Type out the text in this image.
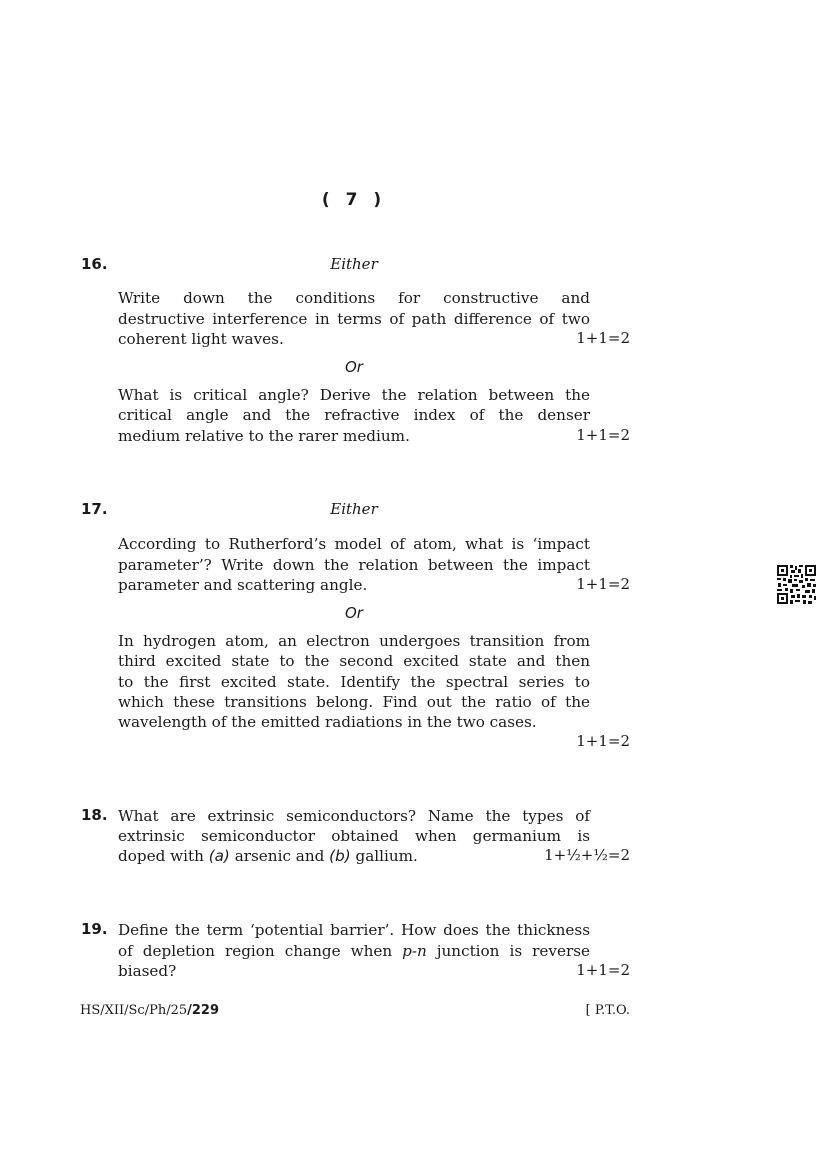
( 7 )
16.	Either
Write down the conditions for constructive and
destructive interference in terms of path difference of two
coherent light waves.	1+1=2
Or
What is critical angle? Derive the relation between the
critical angle and the refractive index of the denser
medium relative to the rarer medium.	1+1=2
17.	Either
According to Rutherford’s model of atom, what is ‘impact
parameter’? Write down the relation between the impact
parameter and scattering angle.	1+1=2
Or
In hydrogen atom, an electron undergoes transition from
third excited state to the second excited state and then
to the first excited state. Identify the spectral series to
which these transitions belong. Find out the ratio of the
wavelength of the emitted radiations in the two cases.
1+1=2
18. What are extrinsic semiconductors? Name the types of
extrinsic semiconductor obtained when germanium is
doped with (a) arsenic and (b) gallium.	1+½+½=2
19. Define the term ‘potential barrier’. How does the thickness
of depletion region change when p-n junction is reverse
biased?	1+1=2
HS/XII/Sc/Ph/25/229	[ P.T.O.
